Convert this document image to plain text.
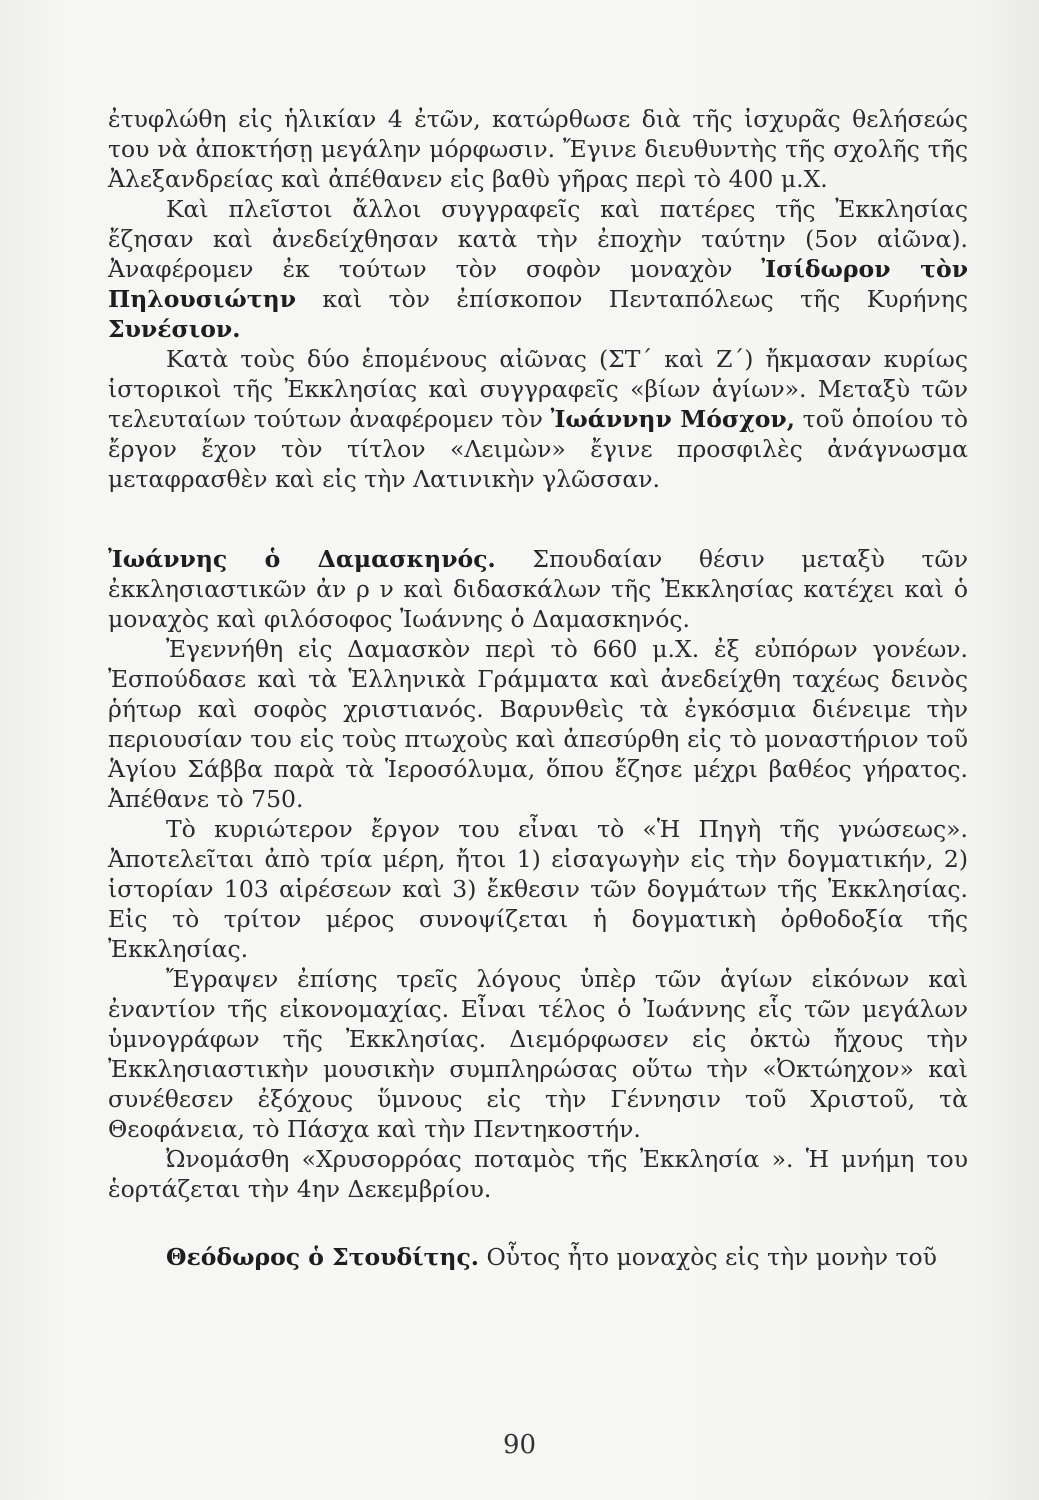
ἐτυφλώθη εἰς ἡλικίαν 4 ἐτῶν, κατώρθωσε διὰ τῆς ἰσχυρᾶς θελήσεώς του νὰ ἀποκτήσῃ μεγάλην μόρφωσιν. Ἔγινε διευθυντὴς τῆς σχολῆς τῆς Ἀλεξανδρείας καὶ ἀπέθανεν εἰς βαθὺ γῆρας περὶ τὸ 400 μ.Χ.

Καὶ πλεῖστοι ἄλλοι συγγραφεῖς καὶ πατέρες τῆς Ἐκκλησίας ἔζησαν καὶ ἀνεδείχθησαν κατὰ τὴν ἐποχὴν ταύτην (5ον αἰῶνα). Ἀναφέρομεν ἐκ τούτων τὸν σοφὸν μοναχὸν Ἰσίδωρον τὸν Πηλουσιώτην καὶ τὸν ἐπίσκοπον Πενταπόλεως τῆς Κυρήνης Συνέσιον.

Κατὰ τοὺς δύο ἑπομένους αἰῶνας (ΣΤ΄ καὶ Ζ΄) ἤκμασαν κυρίως ἱστορικοὶ τῆς Ἐκκλησίας καὶ συγγραφεῖς «βίων ἁγίων». Μεταξὺ τῶν τελευταίων τούτων ἀναφέρομεν τὸν Ἰωάννην Μόσχον, τοῦ ὁποίου τὸ ἔργον ἔχον τὸν τίτλον «Λειμὼν» ἔγινε προσφιλὲς ἀνάγνωσμα μεταφρασθὲν καὶ εἰς τὴν Λατινικὴν γλῶσσαν.

Ἰωάννης ὁ Δαμασκηνός. Σπουδαίαν θέσιν μεταξὺ τῶν ἐκκλησιαστικῶν ἀν ρ ν καὶ διδασκάλων τῆς Ἐκκλησίας κατέχει καὶ ὁ μοναχὸς καὶ φιλόσοφος Ἰωάννης ὁ Δαμασκηνός.

Ἐγεννήθη εἰς Δαμασκὸν περὶ τὸ 660 μ.Χ. ἐξ εὐπόρων γονέων. Ἐσπούδασε καὶ τὰ Ἑλληνικὰ Γράμματα καὶ ἀνεδείχθη ταχέως δεινὸς ῥήτωρ καὶ σοφὸς χριστιανός. Βαρυνθεὶς τὰ ἐγκόσμια διένειμε τὴν περιουσίαν του εἰς τοὺς πτωχοὺς καὶ ἀπεσύρθη εἰς τὸ μοναστήριον τοῦ Ἁγίου Σάββα παρὰ τὰ Ἱεροσόλυμα, ὅπου ἔζησε μέχρι βαθέος γήρατος. Ἀπέθανε τὸ 750.

Τὸ κυριώτερον ἔργον του εἶναι τὸ «Ἡ Πηγὴ τῆς γνώσεως». Ἀποτελεῖται ἀπὸ τρία μέρη, ἤτοι 1) εἰσαγωγὴν εἰς τὴν δογματικήν, 2) ἱστορίαν 103 αἱρέσεων καὶ 3) ἔκθεσιν τῶν δογμάτων τῆς Ἐκκλησίας. Εἰς τὸ τρίτον μέρος συνοψίζεται ἡ δογματικὴ ὀρθοδοξία τῆς Ἐκκλησίας.

Ἔγραψεν ἐπίσης τρεῖς λόγους ὑπὲρ τῶν ἁγίων εἰκόνων καὶ ἐναντίον τῆς εἰκονομαχίας. Εἶναι τέλος ὁ Ἰωάννης εἷς τῶν μεγάλων ὑμνογράφων τῆς Ἐκκλησίας. Διεμόρφωσεν εἰς ὀκτὼ ἤχους τὴν Ἐκκλησιαστικὴν μουσικὴν συμπληρώσας οὕτω τὴν «Ὀκτώηχον» καὶ συνέθεσεν ἐξόχους ὕμνους εἰς τὴν Γέννησιν τοῦ Χριστοῦ, τὰ Θεοφάνεια, τὸ Πάσχα καὶ τὴν Πεντηκοστήν.

Ὠνομάσθη «Χρυσορρόας ποταμὸς τῆς Ἐκκλησία ». Ἡ μνήμη του ἑορτάζεται τὴν 4ην Δεκεμβρίου.

Θεόδωρος ὁ Στουδίτης. Οὗτος ἦτο μοναχὸς εἰς τὴν μονὴν τοῦ

90
